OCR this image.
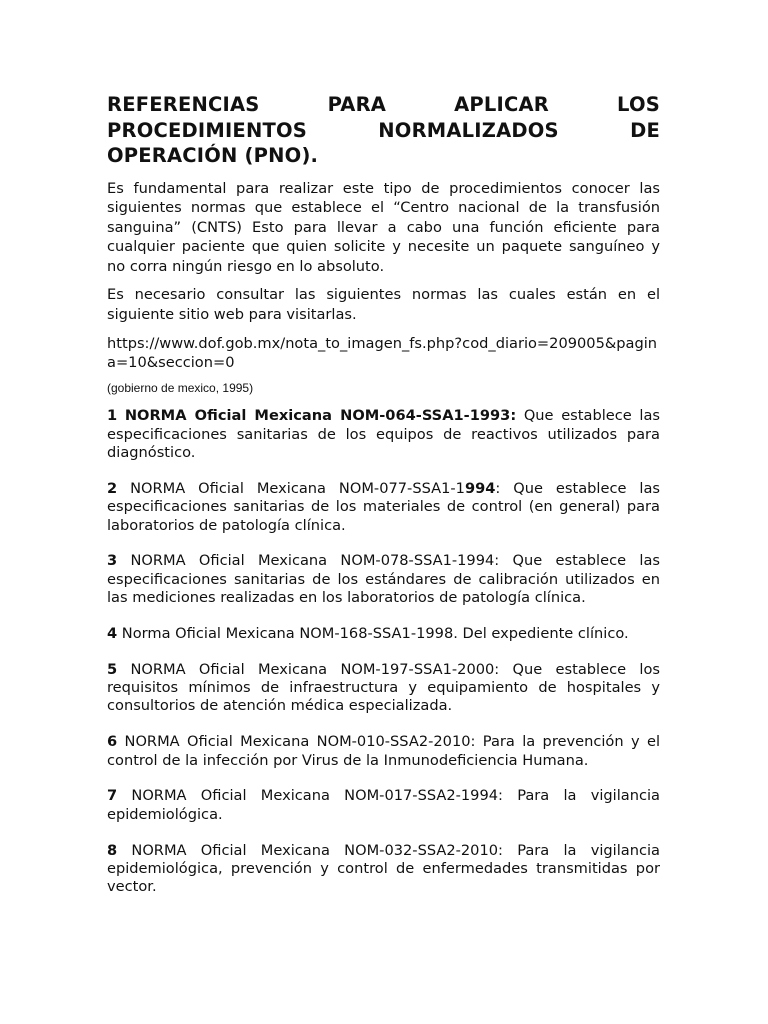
REFERENCIAS PARA APLICAR LOS PROCEDIMIENTOS NORMALIZADOS DE OPERACIÓN (PNO).

Es fundamental para realizar este tipo de procedimientos conocer las siguientes normas que establece el “Centro nacional de la transfusión sanguina” (CNTS) Esto para llevar a cabo una función eficiente para cualquier paciente que quien solicite y necesite un paquete sanguíneo y no corra ningún riesgo en lo absoluto.

Es necesario consultar las siguientes normas las cuales están en el siguiente sitio web para visitarlas.

https://www.dof.gob.mx/nota_to_imagen_fs.php?cod_diario=209005&pagina=10&seccion=0

(gobierno de mexico, 1995)

1 NORMA Oficial Mexicana NOM-064-SSA1-1993: Que establece las especificaciones sanitarias de los equipos de reactivos utilizados para diagnóstico.

2 NORMA Oficial Mexicana NOM-077-SSA1-1994: Que establece las especificaciones sanitarias de los materiales de control (en general) para laboratorios de patología clínica.

3 NORMA Oficial Mexicana NOM-078-SSA1-1994: Que establece las especificaciones sanitarias de los estándares de calibración utilizados en las mediciones realizadas en los laboratorios de patología clínica.

4 Norma Oficial Mexicana NOM-168-SSA1-1998. Del expediente clínico.

5 NORMA Oficial Mexicana NOM-197-SSA1-2000: Que establece los requisitos mínimos de infraestructura y equipamiento de hospitales y consultorios de atención médica especializada.

6 NORMA Oficial Mexicana NOM-010-SSA2-2010: Para la prevención y el control de la infección por Virus de la Inmunodeficiencia Humana.

7 NORMA Oficial Mexicana NOM-017-SSA2-1994: Para la vigilancia epidemiológica.

8 NORMA Oficial Mexicana NOM-032-SSA2-2010: Para la vigilancia epidemiológica, prevención y control de enfermedades transmitidas por vector.
